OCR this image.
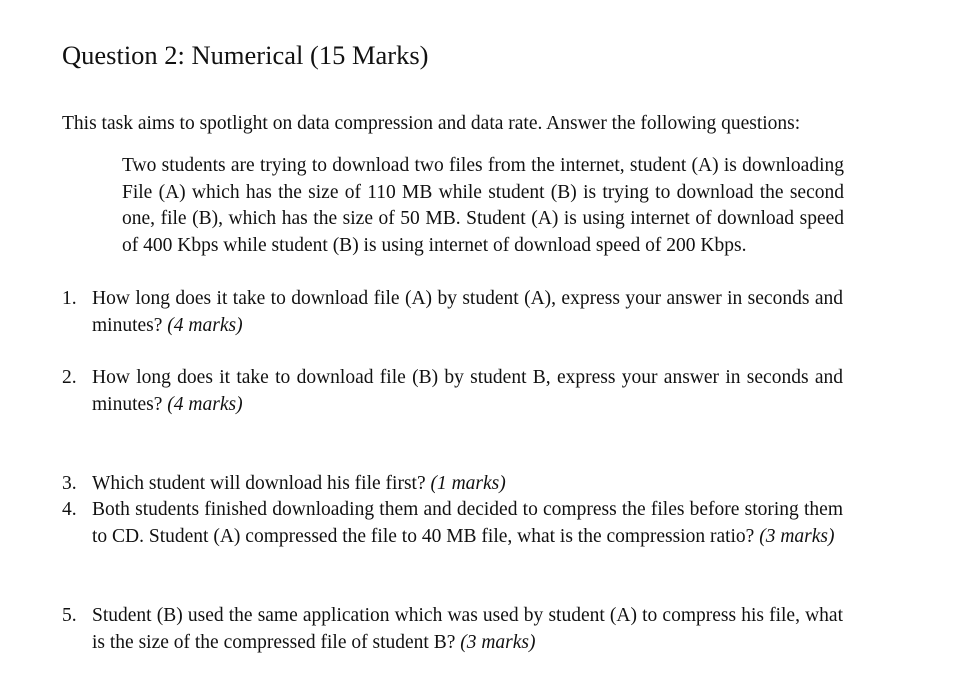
Question 2: Numerical (15 Marks)

This task aims to spotlight on data compression and data rate. Answer the following questions:

Two students are trying to download two files from the internet, student (A) is downloading File (A) which has the size of 110 MB while student (B) is trying to download the second one, file (B), which has the size of 50 MB. Student (A) is using internet of download speed of 400 Kbps while student (B) is using internet of download speed of 200 Kbps.

1. How long does it take to download file (A) by student (A), express your answer in seconds and minutes? (4 marks)
2. How long does it take to download file (B) by student B, express your answer in seconds and minutes? (4 marks)
3. Which student will download his file first? (1 marks)
4. Both students finished downloading them and decided to compress the files before storing them to CD. Student (A) compressed the file to 40 MB file, what is the compression ratio? (3 marks)
5. Student (B) used the same application which was used by student (A) to compress his file, what is the size of the compressed file of student B? (3 marks)
